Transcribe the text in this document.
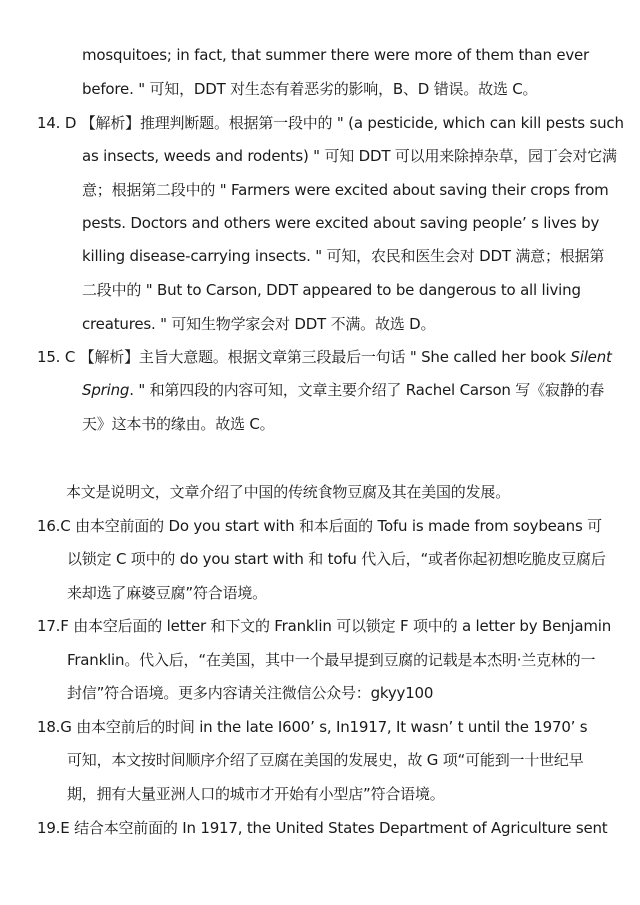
mosquitoes; in fact, that summer there were more of them than ever
before. " 可知，DDT 对生态有着恶劣的影响，B、D 错误。故选 C。
14. D 【解析】推理判断题。根据第一段中的 " (a pesticide, which can kill pests such
as insects, weeds and rodents) " 可知 DDT 可以用来除掉杂草，园丁会对它满
意；根据第二段中的 " Farmers were excited about saving their crops from
pests. Doctors and others were excited about saving people’ s lives by
killing disease-carrying insects. " 可知，农民和医生会对 DDT 满意；根据第
二段中的 " But to Carson, DDT appeared to be dangerous to all living
creatures. " 可知生物学家会对 DDT 不满。故选 D。
15. C 【解析】主旨大意题。根据文章第三段最后一句话 " She called her book Silent
Spring. " 和第四段的内容可知，文章主要介绍了 Rachel Carson 写《寂静的春
天》这本书的缘由。故选 C。
本文是说明文，文章介绍了中国的传统食物豆腐及其在美国的发展。
16.C 由本空前面的 Do you start with 和本后面的 Tofu is made from soybeans 可
以锁定 C 项中的 do you start with 和 tofu 代入后，“或者你起初想吃脆皮豆腐后
来却选了麻婆豆腐”符合语境。
17.F 由本空后面的 letter 和下文的 Franklin 可以锁定 F 项中的 a letter by Benjamin
Franklin。代入后，“在美国，其中一个最早提到豆腐的记载是本杰明·兰克林的一
封信”符合语境。更多内容请关注微信公众号：gkyy100
18.G 由本空前后的时间 in the late I600’ s, In1917, It wasn’ t until the 1970’ s
可知，本文按时间顺序介绍了豆腐在美国的发展史，故 G 项“可能到一十世纪早
期，拥有大量亚洲人口的城市才开始有小型店”符合语境。
19.E 结合本空前面的 In 1917, the United States Department of Agriculture sent
